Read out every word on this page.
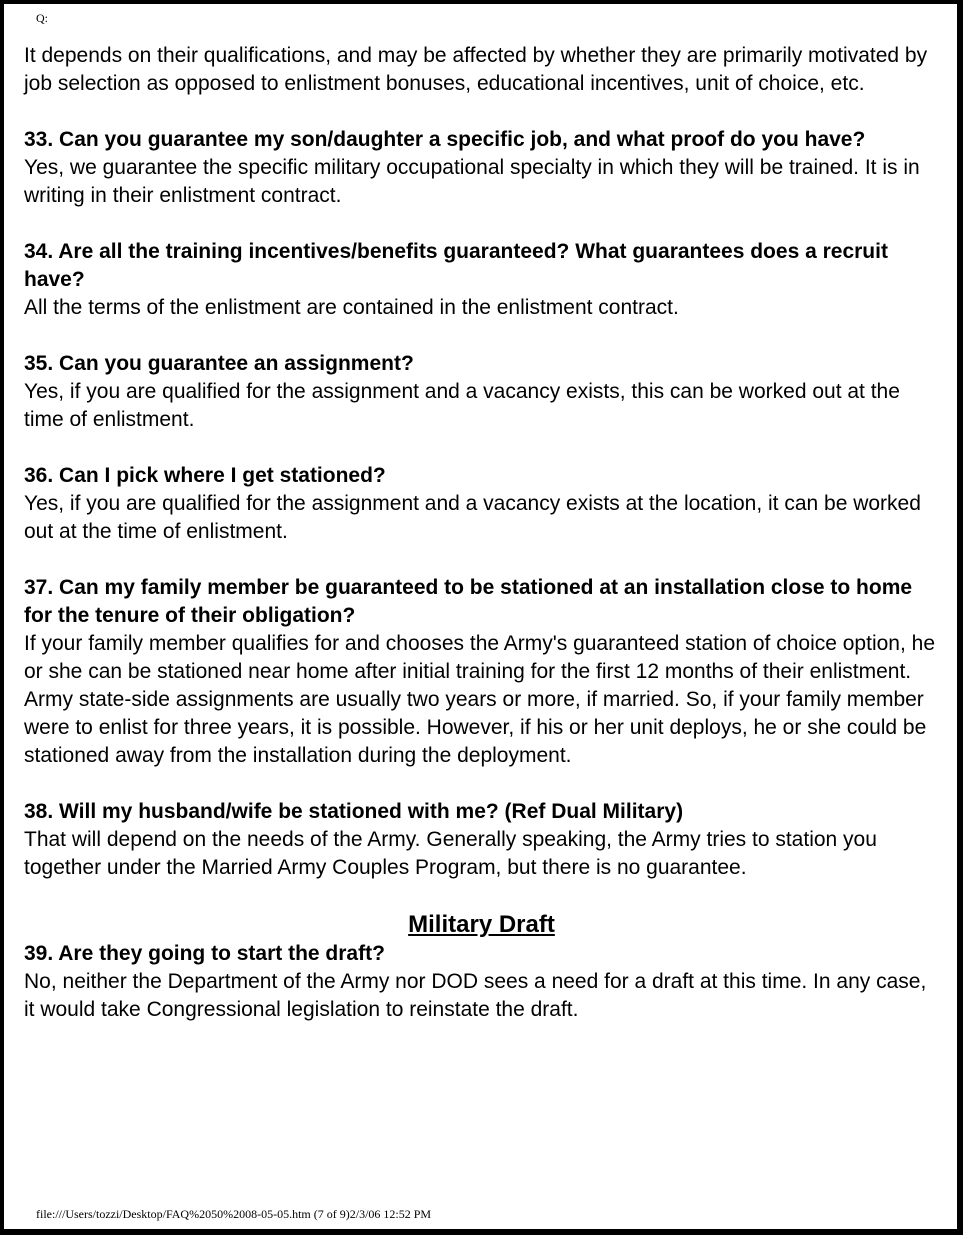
Q:

It depends on their qualifications, and may be affected by whether they are primarily motivated by job selection as opposed to enlistment bonuses, educational incentives, unit of choice, etc.

33. Can you guarantee my son/daughter a specific job, and what proof do you have?

Yes, we guarantee the specific military occupational specialty in which they will be trained. It is in writing in their enlistment contract.

34. Are all the training incentives/benefits guaranteed? What guarantees does a recruit have?

All the terms of the enlistment are contained in the enlistment contract.

35. Can you guarantee an assignment?

Yes, if you are qualified for the assignment and a vacancy exists, this can be worked out at the time of enlistment.

36. Can I pick where I get stationed?

Yes, if you are qualified for the assignment and a vacancy exists at the location, it can be worked out at the time of enlistment.

37. Can my family member be guaranteed to be stationed at an installation close to home for the tenure of their obligation?

If your family member qualifies for and chooses the Army's guaranteed station of choice option, he or she can be stationed near home after initial training for the first 12 months of their enlistment. Army state-side assignments are usually two years or more, if married. So, if your family member were to enlist for three years, it is possible. However, if his or her unit deploys, he or she could be stationed away from the installation during the deployment.

38. Will my husband/wife be stationed with me? (Ref Dual Military)

That will depend on the needs of the Army. Generally speaking, the Army tries to station you together under the Married Army Couples Program, but there is no guarantee.

Military Draft

39. Are they going to start the draft?

No, neither the Department of the Army nor DOD sees a need for a draft at this time. In any case, it would take Congressional legislation to reinstate the draft.

file:///Users/tozzi/Desktop/FAQ%2050%2008-05-05.htm (7 of 9)2/3/06 12:52 PM
